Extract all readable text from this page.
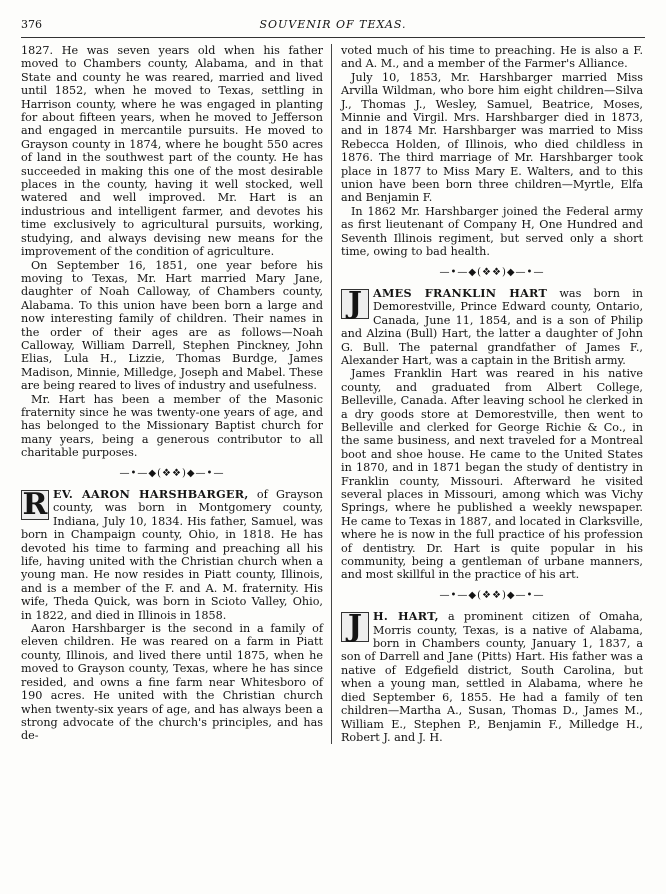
376	SOUVENIR OF TEXAS.

1827. He was seven years old when his father moved to Chambers county, Alabama, and in that State and county he was reared, married and lived until 1852, when he moved to Texas, settling in Harrison county, where he was engaged in planting for about fifteen years, when he moved to Jefferson and engaged in mercantile pursuits. He moved to Grayson county in 1874, where he bought 550 acres of land in the southwest part of the county. He has succeeded in making this one of the most desirable places in the county, having it well stocked, well watered and well improved. Mr. Hart is an industrious and intelligent farmer, and devotes his time exclusively to agricultural pursuits, working, studying, and always devising new means for the improvement of the condition of agriculture.

On September 16, 1851, one year before his moving to Texas, Mr. Hart married Mary Jane, daughter of Noah Calloway, of Chambers county, Alabama. To this union have been born a large and now interesting family of children. Their names in the order of their ages are as follows—Noah Calloway, William Darrell, Stephen Pinckney, John Elias, Lula H., Lizzie, Thomas Burdge, James Madison, Minnie, Milledge, Joseph and Mabel. These are being reared to lives of industry and usefulness.

Mr. Hart has been a member of the Masonic fraternity since he was twenty-one years of age, and has belonged to the Missionary Baptist church for many years, being a generous contributor to all charitable purposes.

—•—◆(❖❖)◆—•—
R EV. AARON HARSHBARGER, of Grayson county, was born in Montgomery county, Indiana, July 10, 1834. His father, Samuel, was born in Champaign county, Ohio, in 1818. He has devoted his time to farming and preaching all his life, having united with the Christian church when a young man. He now resides in Piatt county, Illinois, and is a member of the F. and A. M. fraternity. His wife, Theda Quick, was born in Scioto Valley, Ohio, in 1822, and died in Illinois in 1858.

Aaron Harshbarger is the second in a family of eleven children. He was reared on a farm in Piatt county, Illinois, and lived there until 1875, when he moved to Grayson county, Texas, where he has since resided, and owns a fine farm near Whitesboro of 190 acres. He united with the Christian church when twenty-six years of age, and has always been a strong advocate of the church's principles, and has de-

voted much of his time to preaching. He is also a F. and A. M., and a member of the Farmer's Alliance.

July 10, 1853, Mr. Harshbarger married Miss Arvilla Wildman, who bore him eight children—Silva J., Thomas J., Wesley, Samuel, Beatrice, Moses, Minnie and Virgil. Mrs. Harshbarger died in 1873, and in 1874 Mr. Harshbarger was married to Miss Rebecca Holden, of Illinois, who died childless in 1876. The third marriage of Mr. Harshbarger took place in 1877 to Miss Mary E. Walters, and to this union have been born three children—Myrtle, Elfa and Benjamin F.

In 1862 Mr. Harshbarger joined the Federal army as first lieutenant of Company H, One Hundred and Seventh Illinois regiment, but served only a short time, owing to bad health.

—•—◆(❖❖)◆—•—
J AMES FRANKLIN HART was born in Demorestville, Prince Edward county, Ontario, Canada, June 11, 1854, and is a son of Philip and Alzina (Bull) Hart, the latter a daughter of John G. Bull. The paternal grandfather of James F., Alexander Hart, was a captain in the British army.

James Franklin Hart was reared in his native county, and graduated from Albert College, Belleville, Canada. After leaving school he clerked in a dry goods store at Demorestville, then went to Belleville and clerked for George Richie & Co., in the same business, and next traveled for a Montreal boot and shoe house. He came to the United States in 1870, and in 1871 began the study of dentistry in Franklin county, Missouri. Afterward he visited several places in Missouri, among which was Vichy Springs, where he published a weekly newspaper. He came to Texas in 1887, and located in Clarksville, where he is now in the full practice of his profession of dentistry. Dr. Hart is quite popular in his community, being a gentleman of urbane manners, and most skillful in the practice of his art.

—•—◆(❖❖)◆—•—
J H. HART, a prominent citizen of Omaha, Morris county, Texas, is a native of Alabama, born in Chambers county, January 1, 1837, a son of Darrell and Jane (Pitts) Hart. His father was a native of Edgefield district, South Carolina, but when a young man, settled in Alabama, where he died September 6, 1855. He had a family of ten children—Martha A., Susan, Thomas D., James M., William E., Stephen P., Benjamin F., Milledge H., Robert J. and J. H.
